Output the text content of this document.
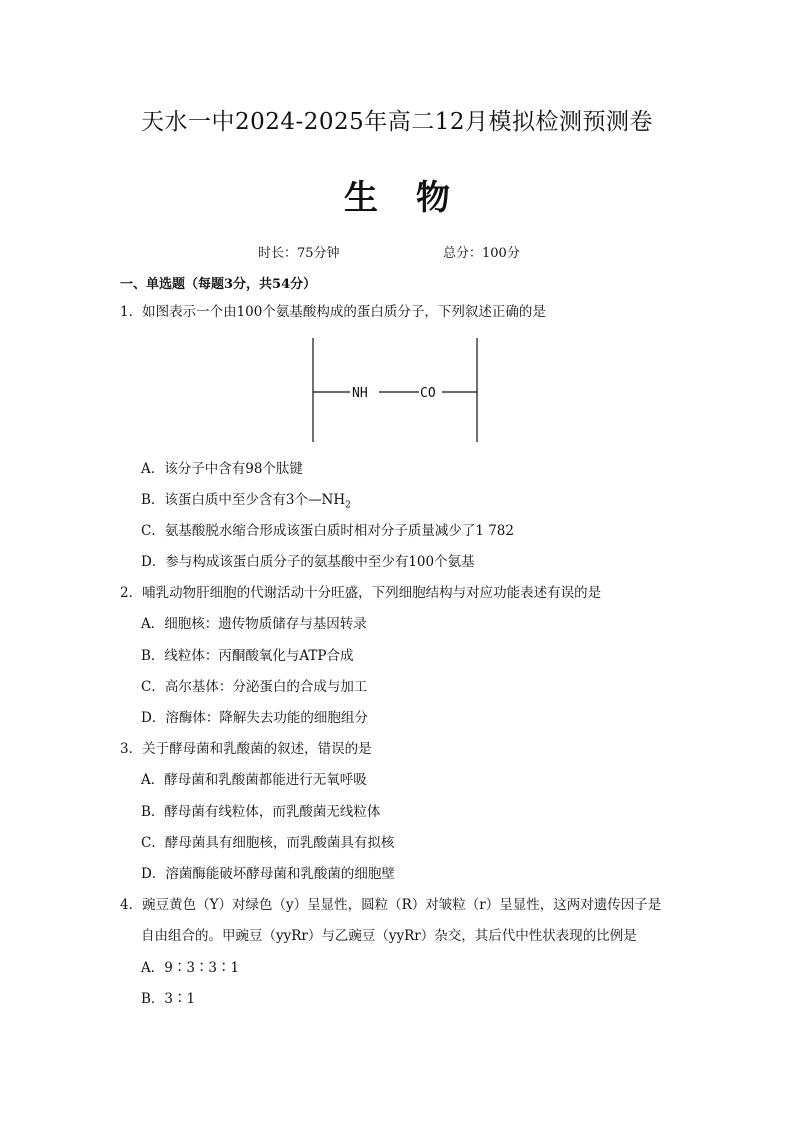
天水一中2024-2025年高二12月模拟检测预测卷
生物
时长：75分钟	总分：100分
一、单选题（每题3分，共54分）
1．如图表示一个由100个氨基酸构成的蛋白质分子，下列叙述正确的是
NH	CO
A．该分子中含有98个肽键
B．该蛋白质中至少含有3个$—NH_2$
C．氨基酸脱水缩合形成该蛋白质时相对分子质量减少了1 782
D．参与构成该蛋白质分子的氨基酸中至少有100个氨基
2．哺乳动物肝细胞的代谢活动十分旺盛，下列细胞结构与对应功能表述有误的是
A．细胞核：遗传物质储存与基因转录
B．线粒体：丙酮酸氧化与ATP合成
C．高尔基体：分泌蛋白的合成与加工
D．溶酶体：降解失去功能的细胞组分
3．关于酵母菌和乳酸菌的叙述，错误的是
A．酵母菌和乳酸菌都能进行无氧呼吸
B．酵母菌有线粒体，而乳酸菌无线粒体
C．酵母菌具有细胞核，而乳酸菌具有拟核
D．溶菌酶能破坏酵母菌和乳酸菌的细胞壁
4．豌豆黄色（Y）对绿色（y）呈显性，圆粒（R）对皱粒（r）呈显性，这两对遗传因子是
自由组合的。甲豌豆（yyRr）与乙豌豆（yyRr）杂交，其后代中性状表现的比例是
A．9∶3∶3∶1
B．3∶1
